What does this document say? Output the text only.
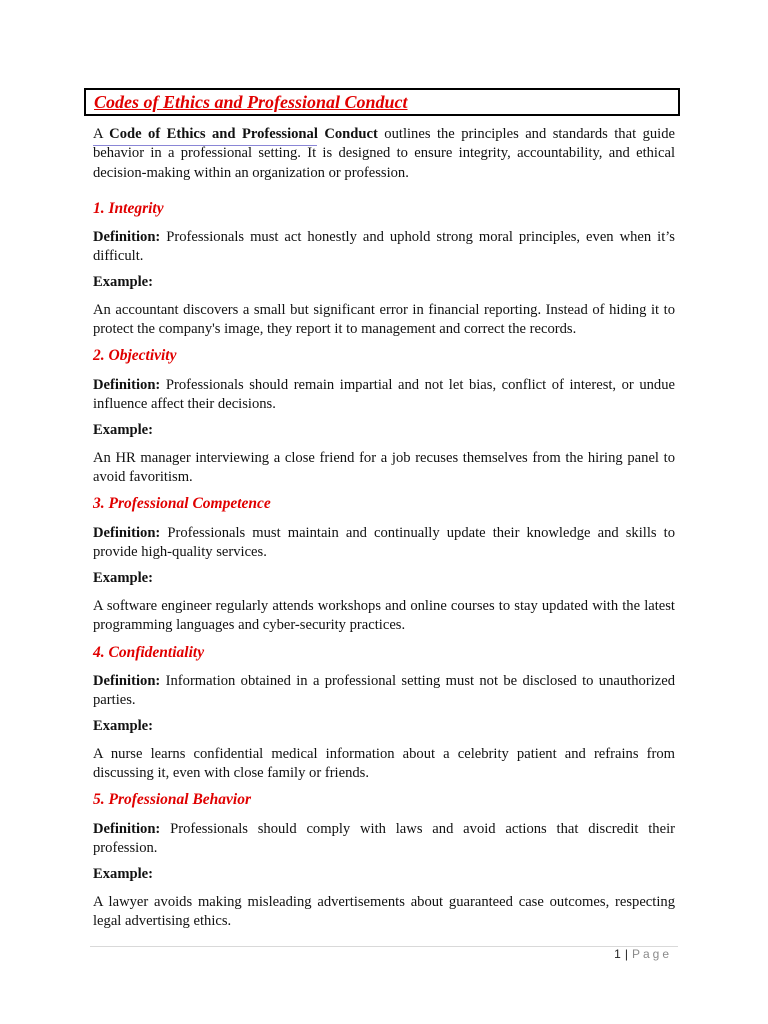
Codes of Ethics and Professional Conduct

A Code of Ethics and Professional Conduct outlines the principles and standards that guide behavior in a professional setting. It is designed to ensure integrity, accountability, and ethical decision-making within an organization or profession.

1. Integrity

Definition: Professionals must act honestly and uphold strong moral principles, even when it’s difficult.

Example:

An accountant discovers a small but significant error in financial reporting. Instead of hiding it to protect the company's image, they report it to management and correct the records.

2. Objectivity

Definition: Professionals should remain impartial and not let bias, conflict of interest, or undue influence affect their decisions.

Example:

An HR manager interviewing a close friend for a job recuses themselves from the hiring panel to avoid favoritism.

3. Professional Competence

Definition: Professionals must maintain and continually update their knowledge and skills to provide high-quality services.

Example:

A software engineer regularly attends workshops and online courses to stay updated with the latest programming languages and cyber-security practices.

4. Confidentiality

Definition: Information obtained in a professional setting must not be disclosed to unauthorized parties.

Example:

A nurse learns confidential medical information about a celebrity patient and refrains from discussing it, even with close family or friends.

5. Professional Behavior

Definition: Professionals should comply with laws and avoid actions that discredit their profession.

Example:

A lawyer avoids making misleading advertisements about guaranteed case outcomes, respecting legal advertising ethics.

1 | Page
